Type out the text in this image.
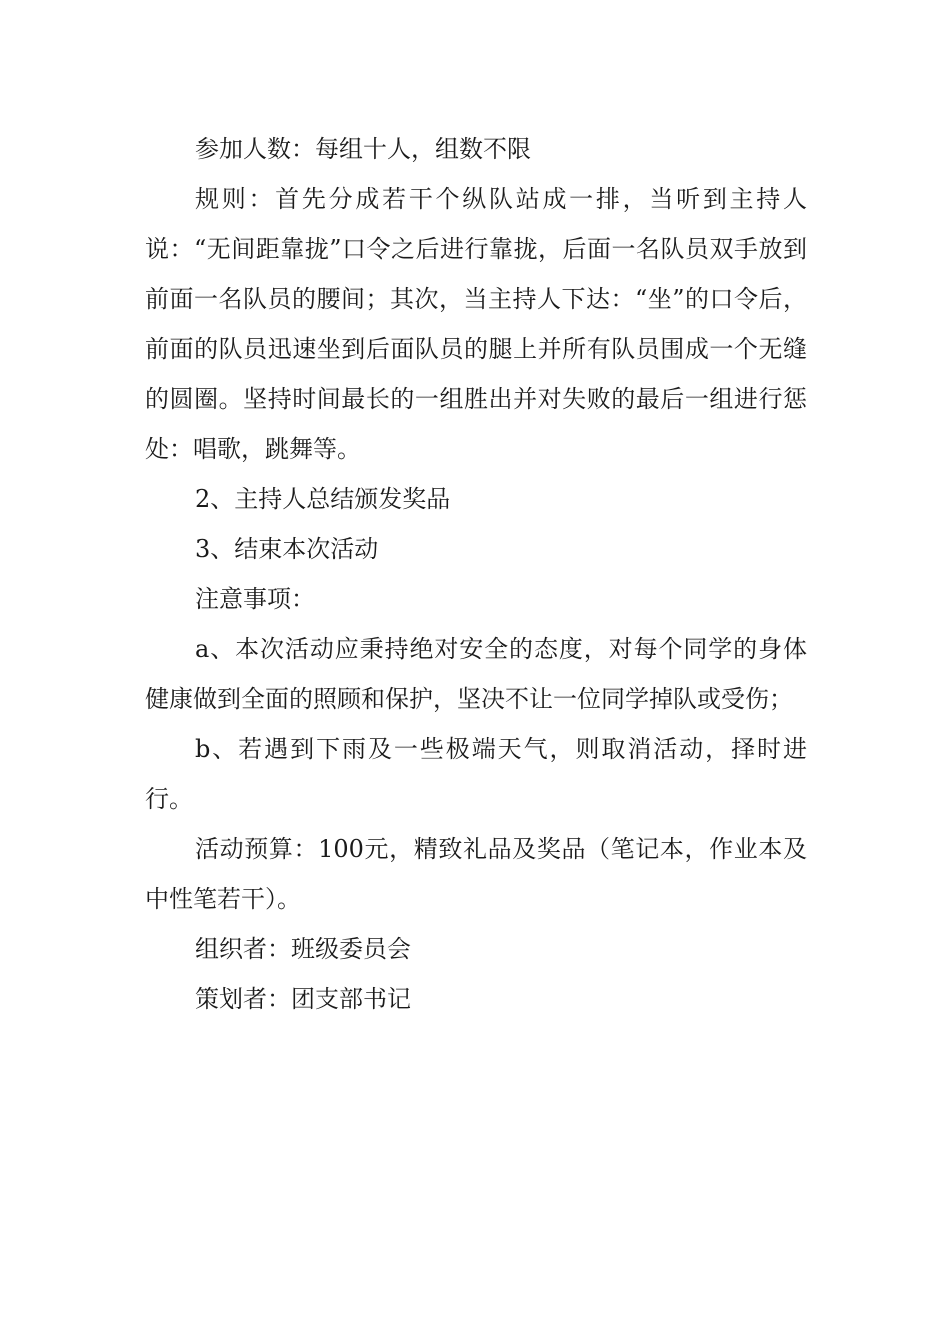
参加人数：每组十人，组数不限

规则：首先分成若干个纵队站成一排，当听到主持人说：“无间距靠拢”口令之后进行靠拢，后面一名队员双手放到前面一名队员的腰间；其次，当主持人下达：“坐”的口令后，前面的队员迅速坐到后面队员的腿上并所有队员围成一个无缝的圆圈。坚持时间最长的一组胜出并对失败的最后一组进行惩处：唱歌，跳舞等。

2、主持人总结颁发奖品

3、结束本次活动

注意事项：

a、本次活动应秉持绝对安全的态度，对每个同学的身体健康做到全面的照顾和保护，坚决不让一位同学掉队或受伤；

b、若遇到下雨及一些极端天气，则取消活动，择时进行。

活动预算：100元，精致礼品及奖品（笔记本，作业本及中性笔若干）。

组织者：班级委员会

策划者：团支部书记
